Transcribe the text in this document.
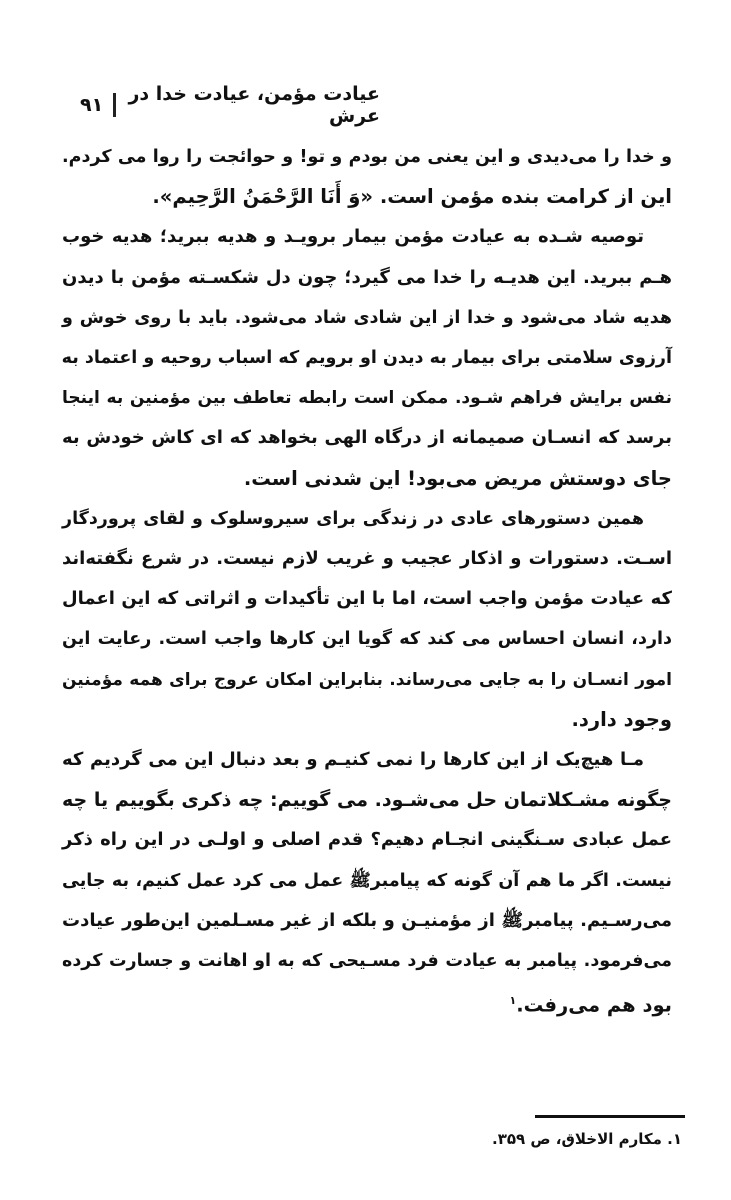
عیادت مؤمن، عیادت خدا در عرش
۹۱

و خدا را می‌دیدی و این یعنی من بودم و تو! و حوائجت را روا می کردم.
این از کرامت بنده مؤمن است. «وَ أَنَا الرَّحْمَنُ الرَّحِیم».

توصیه شـده به عیادت مؤمن بیمار برویـد و هدیه ببرید؛ هدیه خوب
هـم ببرید. این هدیـه را خدا می گیرد؛ چون دل شکسـته مؤمن با دیدن
هدیه شاد می‌شود و خدا از این شادی شاد می‌شود. باید با روی خوش و
آرزوی سلامتی برای بیمار به دیدن او برویم که اسباب روحیه و اعتماد به
نفس برایش فراهم شـود. ممکن است رابطه تعاطف بین مؤمنین به اینجا
برسد که انسـان صمیمانه از درگاه الهی بخواهد که ای کاش خودش به
جای دوستش مریض می‌بود! این شدنی است.

همین دستورهای عادی در زندگی برای سیروسلوک و لقای پروردگار
اسـت. دستورات و اذکار عجیب و غریب لازم نیست. در شرع نگفته‌اند
که عیادت مؤمن واجب است، اما با این تأکیدات و اثراتی که این اعمال
دارد، انسان احساس می کند که گویا این کارها واجب است. رعایت این
امور انسـان را به جایی می‌رساند. بنابراین امکان عروج برای همه مؤمنین
وجود دارد.

مـا هیچ‌یک از این کارها را نمی کنیـم و بعد دنبال این می گردیم که
چگونه مشـکلاتمان حل می‌شـود. می گوییم: چه ذکری بگوییم یا چه
عمل عبادی سـنگینی انجـام دهیم؟ قدم اصلی و اولـی در این راه ذکر
نیست. اگر ما هم آن گونه که پیامبرﷺ عمل می کرد عمل کنیم، به جایی
می‌رسـیم. پیامبرﷺ از مؤمنیـن و بلکه از غیر مسـلمین این‌طور عیادت
می‌فرمود. پیامبر به عیادت فرد مسـیحی که به او اهانت و جسارت کرده
بود هم می‌رفت.$^۱$

۱. مکارم الاخلاق، ص ۳۵۹.
